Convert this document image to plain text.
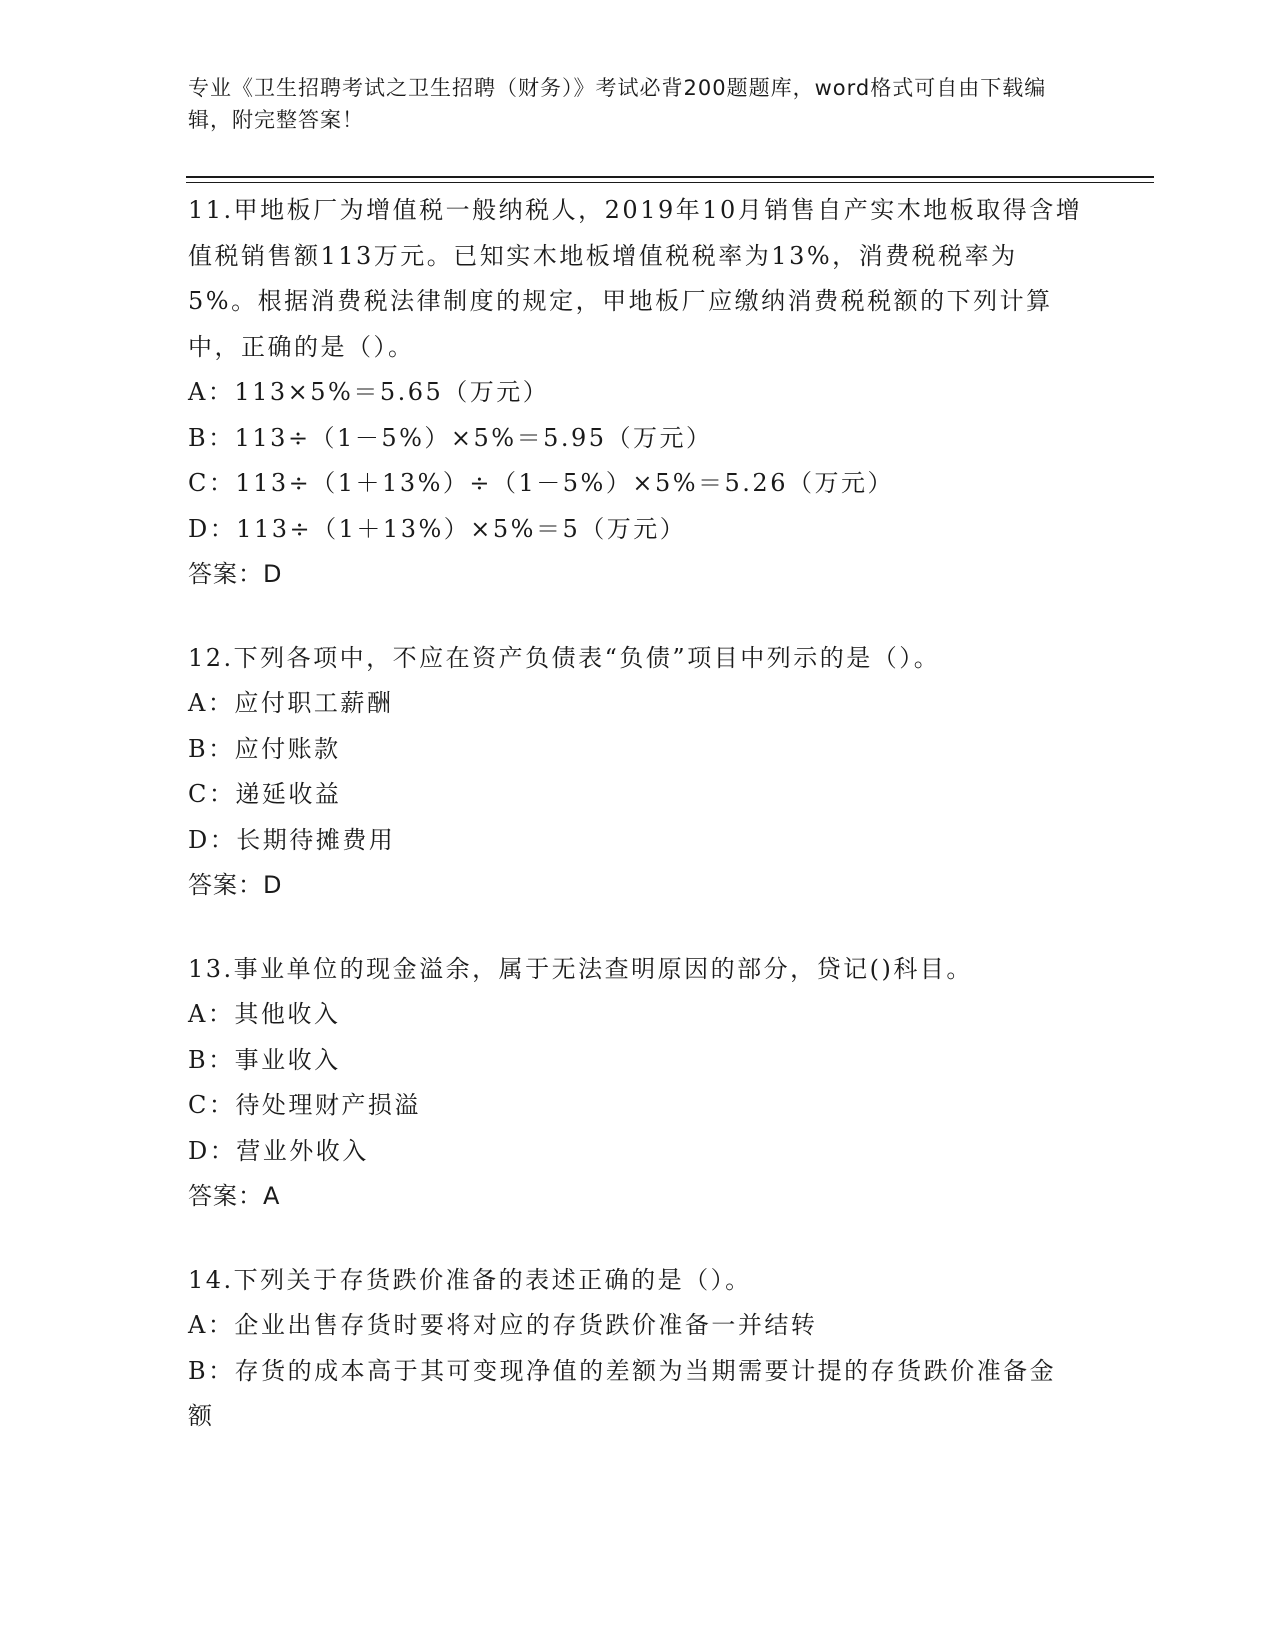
专业《卫生招聘考试之卫生招聘（财务）》考试必背200题题库，word格式可自由下载编辑，附完整答案！
11.甲地板厂为增值税一般纳税人，2019年10月销售自产实木地板取得含增值税销售额113万元。已知实木地板增值税税率为13%，消费税税率为5%。根据消费税法律制度的规定，甲地板厂应缴纳消费税税额的下列计算中，正确的是（）。
A：113×5%＝5.65（万元）
B：113÷（1－5%）×5%＝5.95（万元）
C：113÷（1＋13%）÷（1－5%）×5%＝5.26（万元）
D：113÷（1＋13%）×5%＝5（万元）
答案：D
12.下列各项中，不应在资产负债表“负债”项目中列示的是（）。
A：应付职工薪酬
B：应付账款
C：递延收益
D：长期待摊费用
答案：D
13.事业单位的现金溢余，属于无法查明原因的部分，贷记()科目。
A：其他收入
B：事业收入
C：待处理财产损溢
D：营业外收入
答案：A
14.下列关于存货跌价准备的表述正确的是（）。
A：企业出售存货时要将对应的存货跌价准备一并结转
B：存货的成本高于其可变现净值的差额为当期需要计提的存货跌价准备金额
